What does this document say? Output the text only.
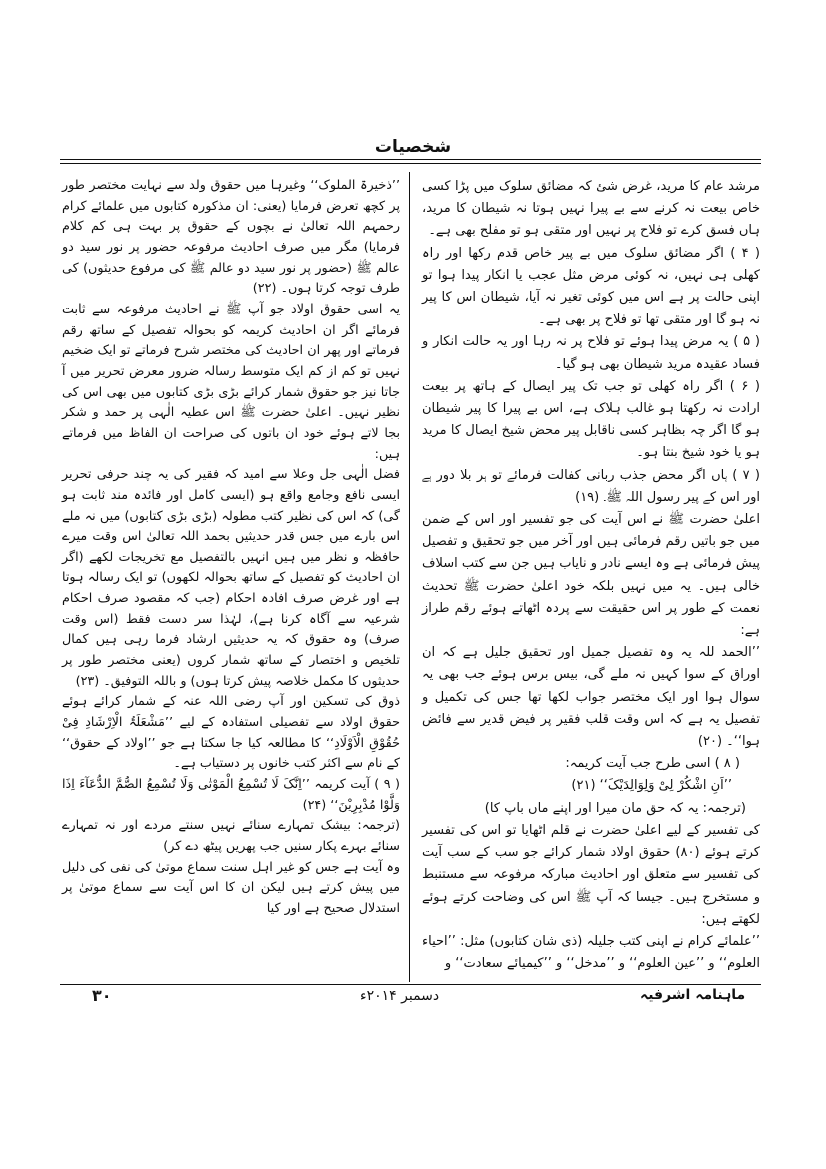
شخصیات

مرشد عام کا مرید، غرض شئ کہ مضائق سلوک میں پڑا کسی خاص بیعت نہ کرنے سے بے پیرا نہیں ہوتا نہ شیطان کا مرید، ہاں فسق کرے تو فلاح پر نہیں اور متقی ہو تو مفلح بھی ہے۔

( ۴ ) اگر مضائق سلوک میں بے پیر خاص قدم رکھا اور راہ کھلی ہی نہیں، نہ کوئی مرض مثل عجب یا انکار پیدا ہوا تو اپنی حالت پر ہے اس میں کوئی تغیر نہ آیا، شیطان اس کا پیر نہ ہو گا اور متقی تھا تو فلاح پر بھی ہے۔

( ۵ ) یہ مرض پیدا ہوئے تو فلاح پر نہ رہا اور یہ حالت انکار و فساد عقیدہ مرید شیطان بھی ہو گیا۔

( ۶ ) اگر راہ کھلی تو جب تک پیر ایصال کے ہاتھ پر بیعت ارادت نہ رکھتا ہو غالب ہلاک ہے، اس بے پیرا کا پیر شیطان ہو گا اگر چہ بظاہر کسی ناقابل پیر محض شیخ ایصال کا مرید ہو یا خود شیخ بنتا ہو۔

( ۷ ) ہاں اگر محض جذب ربانی کفالت فرمائے تو ہر بلا دور ہے اور اس کے پیر رسول اللہ ﷺ۔ (۱۹)

اعلیٰ حضرت ﷺ نے اس آیت کی جو تفسیر اور اس کے ضمن میں جو باتیں رقم فرمائی ہیں اور آخر میں جو تحقیق و تفصیل پیش فرمائی ہے وہ ایسے نادر و نایاب ہیں جن سے کتب اسلاف خالی ہیں۔ یہ میں نہیں بلکہ خود اعلیٰ حضرت ﷺ تحدیث نعمت کے طور پر اس حقیقت سے پردہ اٹھاتے ہوئے رقم طراز ہے:

’’الحمد للہ یہ وہ تفصیل جمیل اور تحقیق جلیل ہے کہ ان اوراق کے سوا کہیں نہ ملے گی، بیس برس ہوئے جب بھی یہ سوال ہوا اور ایک مختصر جواب لکھا تھا جس کی تکمیل و تفصیل یہ ہے کہ اس وقت قلب فقیر پر فیض قدیر سے فائض ہوا‘‘۔ (۲۰)

( ۸ ) اسی طرح جب آیت کریمہ:

’’اَنِ اشْکُرْ لِیْ وَلِوَالِدَیْکَ‘‘ (۲۱)

(ترجمہ: یہ کہ حق مان میرا اور اپنے ماں باپ کا)

کی تفسیر کے لیے اعلیٰ حضرت نے قلم اٹھایا تو اس کی تفسیر کرتے ہوئے (۸۰) حقوق اولاد شمار کرائے جو سب کے سب آیت کی تفسیر سے متعلق اور احادیث مبارکہ مرفوعہ سے مستنبط و مستخرج ہیں۔ جیسا کہ آپ ﷺ اس کی وضاحت کرتے ہوئے لکھتے ہیں:

’’علمائے کرام نے اپنی کتب جلیلہ (ذی شان کتابوں) مثل: ’’احیاء العلوم‘‘ و ’’عین العلوم‘‘ و ’’مدخل‘‘ و ’’کیمیائے سعادت‘‘ و

’’ذخیرۃ الملوک‘‘ وغیرہا میں حقوق ولد سے نہایت مختصر طور پر کچھ تعرض فرمایا (یعنی: ان مذکورہ کتابوں میں علمائے کرام رحمہم اللہ تعالیٰ نے بچوں کے حقوق پر بہت ہی کم کلام فرمایا) مگر میں صرف احادیث مرفوعہ حضور پر نور سید دو عالم ﷺ (حضور پر نور سید دو عالم ﷺ کی مرفوع حدیثوں) کی طرف توجہ کرتا ہوں۔ (۲۲)

یہ اسی حقوق اولاد جو آپ ﷺ نے احادیث مرفوعہ سے ثابت فرمائے اگر ان احادیث کریمہ کو بحوالہ تفصیل کے ساتھ رقم فرماتے اور پھر ان احادیث کی مختصر شرح فرماتے تو ایک ضخیم نہیں تو کم از کم ایک متوسط رسالہ ضرور معرض تحریر میں آ جاتا نیز جو حقوق شمار کرائے بڑی بڑی کتابوں میں بھی اس کی نظیر نہیں۔ اعلیٰ حضرت ﷺ اس عطیہ الٰہی پر حمد و شکر بجا لاتے ہوئے خود ان باتوں کی صراحت ان الفاظ میں فرماتے ہیں:

فضل الٰہی جل وعلا سے امید کہ فقیر کی یہ چند حرفی تحریر ایسی نافع وجامع واقع ہو (ایسی کامل اور فائدہ مند ثابت ہو گی) کہ اس کی نظیر کتب مطولہ (بڑی بڑی کتابوں) میں نہ ملے اس بارے میں جس قدر حدیثیں بحمد اللہ تعالیٰ اس وقت میرے حافظہ و نظر میں ہیں انہیں بالتفصیل مع تخریجات لکھے (اگر ان احادیث کو تفصیل کے ساتھ بحوالہ لکھوں) تو ایک رسالہ ہوتا ہے اور غرض صرف افادہ احکام (جب کہ مقصود صرف احکام شرعیہ سے آگاہ کرنا ہے)، لہٰذا سر دست فقط (اس وقت صرف) وہ حقوق کہ یہ حدیثیں ارشاد فرما رہی ہیں کمال تلخیص و اختصار کے ساتھ شمار کروں (یعنی مختصر طور پر حدیثوں کا مکمل خلاصہ پیش کرتا ہوں) و باللہ التوفیق۔ (۲۳)

ذوق کی تسکین اور آپ رضی اللہ عنہ کے شمار کرائے ہوئے حقوق اولاد سے تفصیلی استفادہ کے لیے ’’مَشْعَلَۃُ الْاِرْشَادِ فِیْ حُقُوْقِ الْاَوْلَادِ‘‘ کا مطالعہ کیا جا سکتا ہے جو ’’اولاد کے حقوق‘‘ کے نام سے اکثر کتب خانوں پر دستیاب ہے۔

( ۹ ) آیت کریمہ ’’اِنَّکَ لَا تُسْمِعُ الْمَوْتٰی وَلَا تُسْمِعُ الصُّمَّ الدُّعَآءَ اِذَا وَلَّوْا مُدْبِرِیْنَ‘‘ (۲۴)

(ترجمہ: بیشک تمہارے سنائے نہیں سنتے مردے اور نہ تمہارے سنائے بہرے پکار سنیں جب پھریں پیٹھ دے کر)

وہ آیت ہے جس کو غیر اہل سنت سماع موتیٰ کی نفی کی دلیل میں پیش کرتے ہیں لیکن ان کا اس آیت سے سماع موتیٰ پر استدلال صحیح ہے اور کیا

۳۰	دسمبر ۲۰۱۴ء	ماہنامہ اشرفیہ
